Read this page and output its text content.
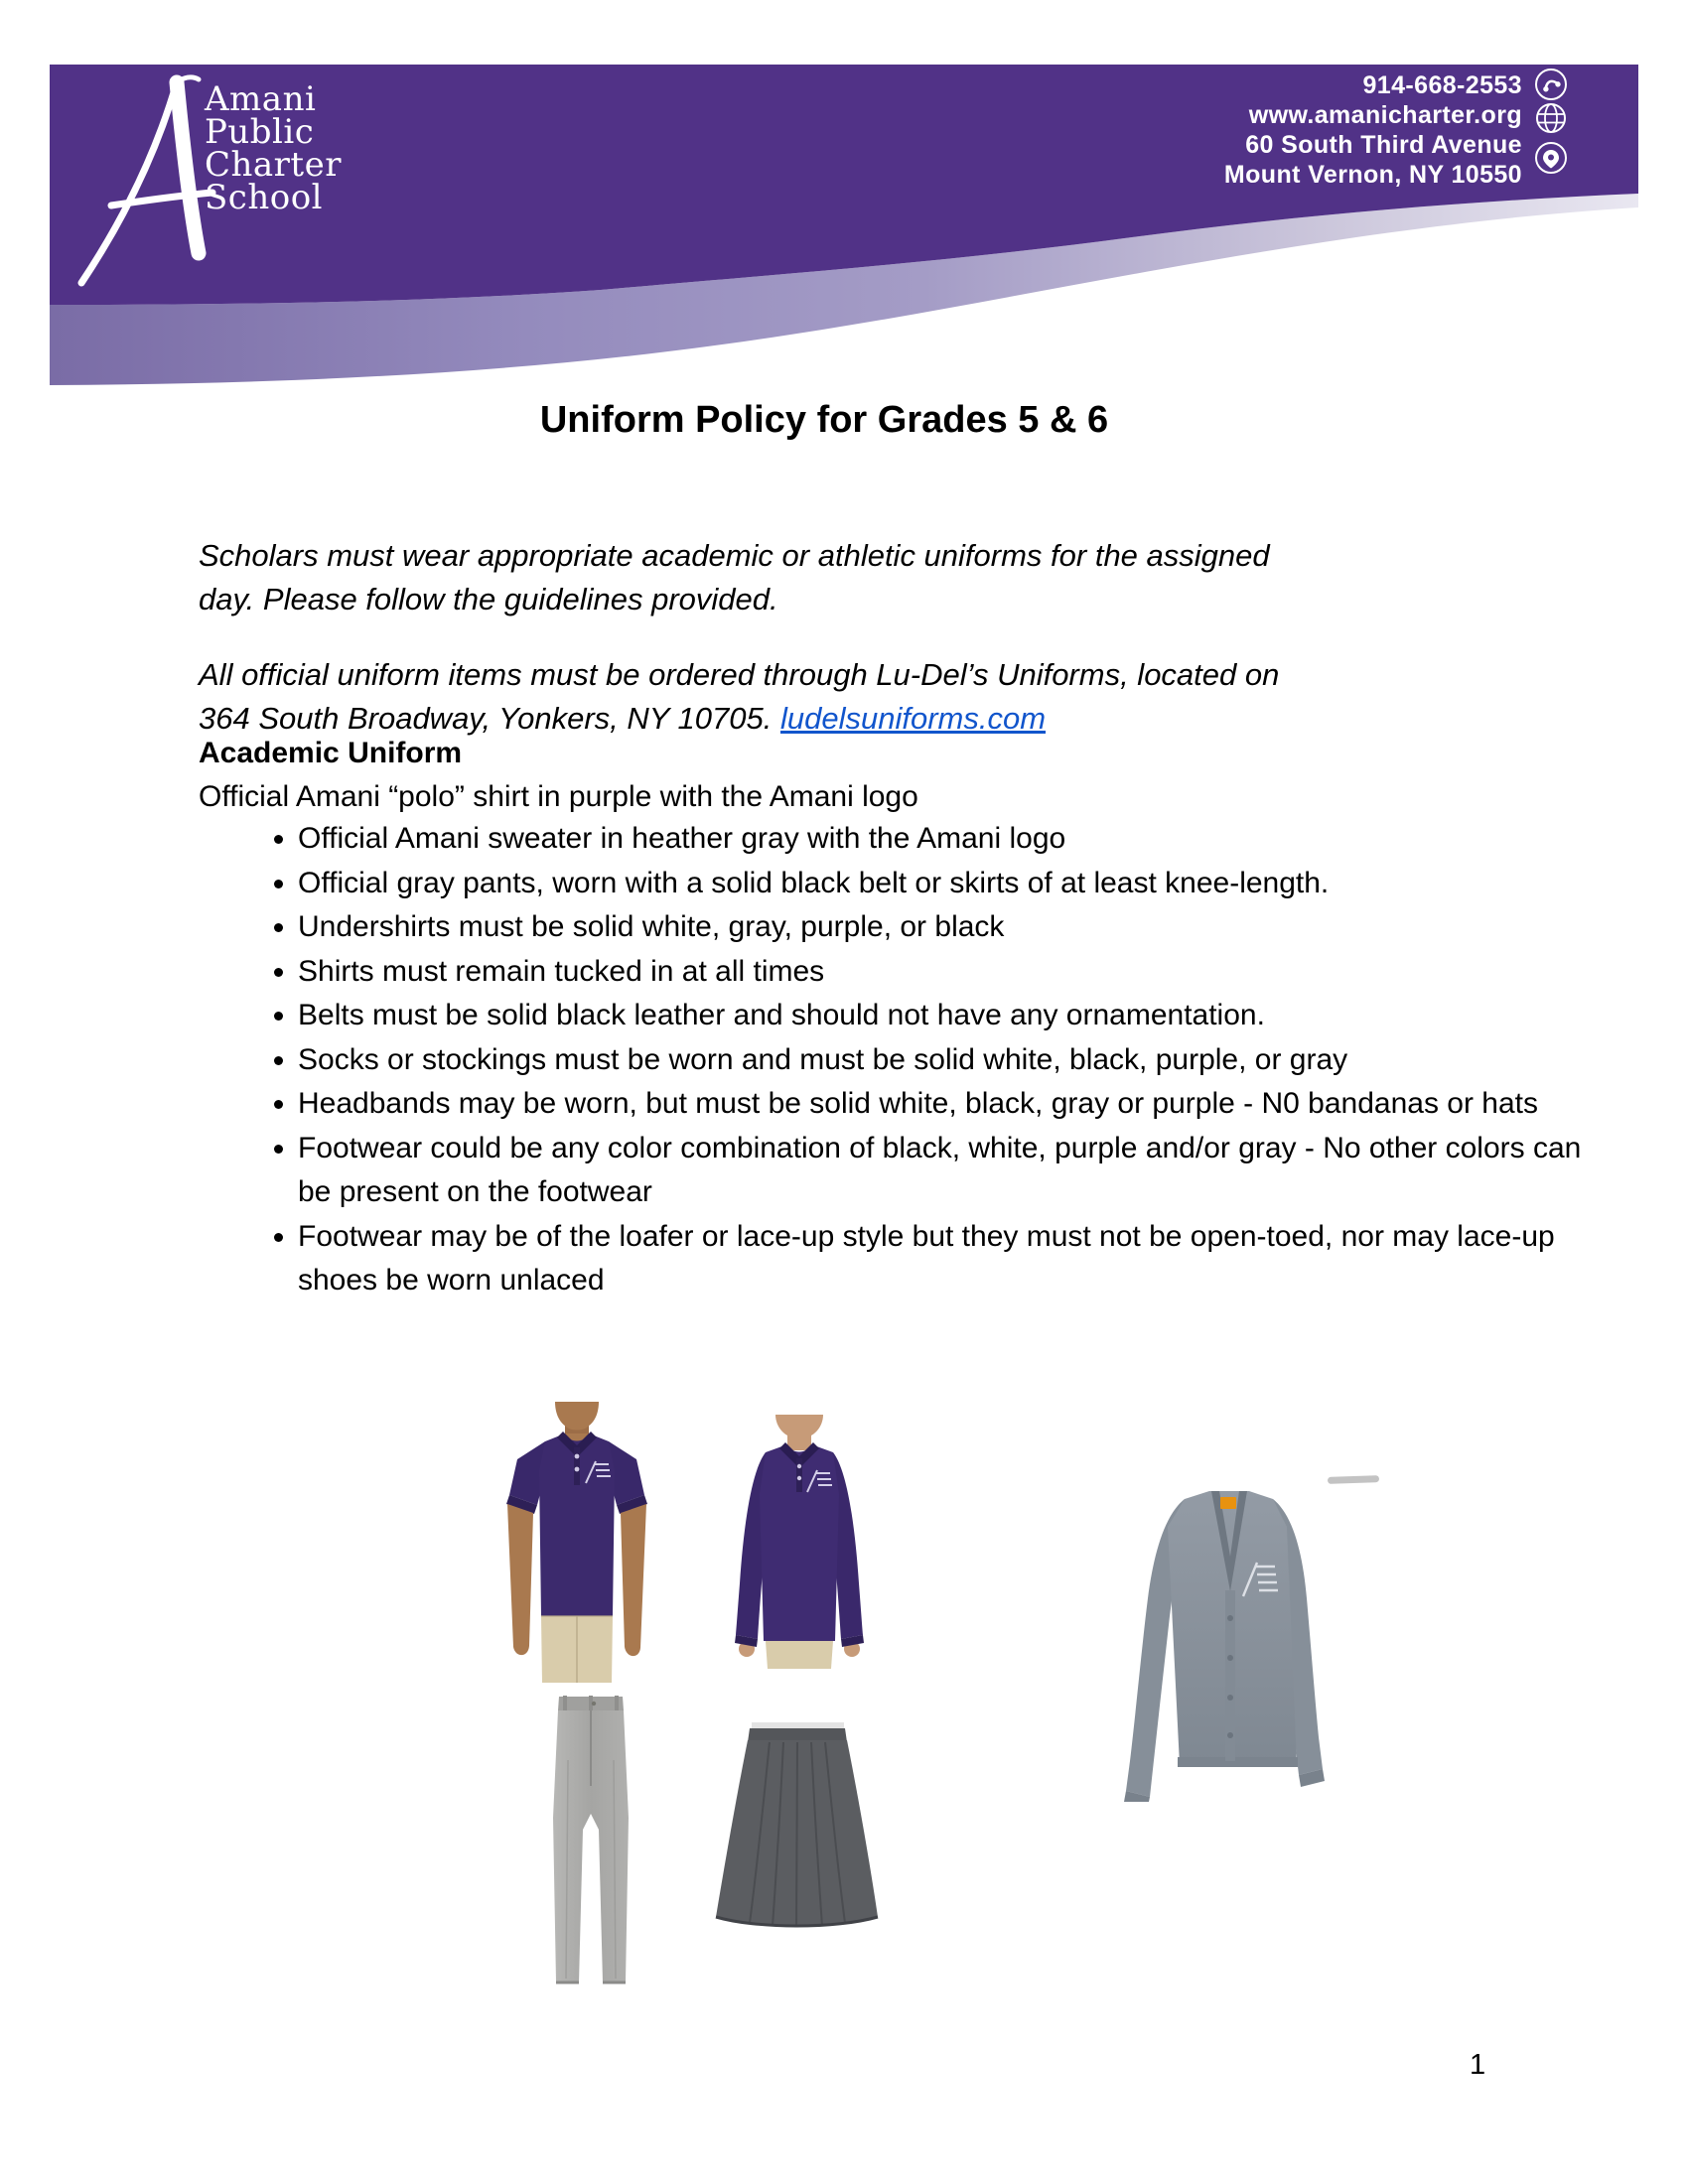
Amani
Public
Charter
School
914-668-2553
www.amanicharter.org
60 South Third Avenue
Mount Vernon, NY 10550
Uniform Policy for Grades 5 & 6

Scholars must wear appropriate academic or athletic uniforms for the assigned
day. Please follow the guidelines provided.

All official uniform items must be ordered through Lu-Del’s Uniforms, located on
364 South Broadway, Yonkers, NY 10705. ludelsuniforms.com

Academic Uniform
Official Amani “polo” shirt in purple with the Amani logo
• Official Amani sweater in heather gray with the Amani logo
• Official gray pants, worn with a solid black belt or skirts of at least knee-length.
• Undershirts must be solid white, gray, purple, or black
• Shirts must remain tucked in at all times
• Belts must be solid black leather and should not have any ornamentation.
• Socks or stockings must be worn and must be solid white, black, purple, or gray
• Headbands may be worn, but must be solid white, black, gray or purple - N0 bandanas or hats
• Footwear could be any color combination of black, white, purple and/or gray - No other colors can be present on the footwear
• Footwear may be of the loafer or lace-up style but they must not be open-toed, nor may lace-up shoes be worn unlaced
1
